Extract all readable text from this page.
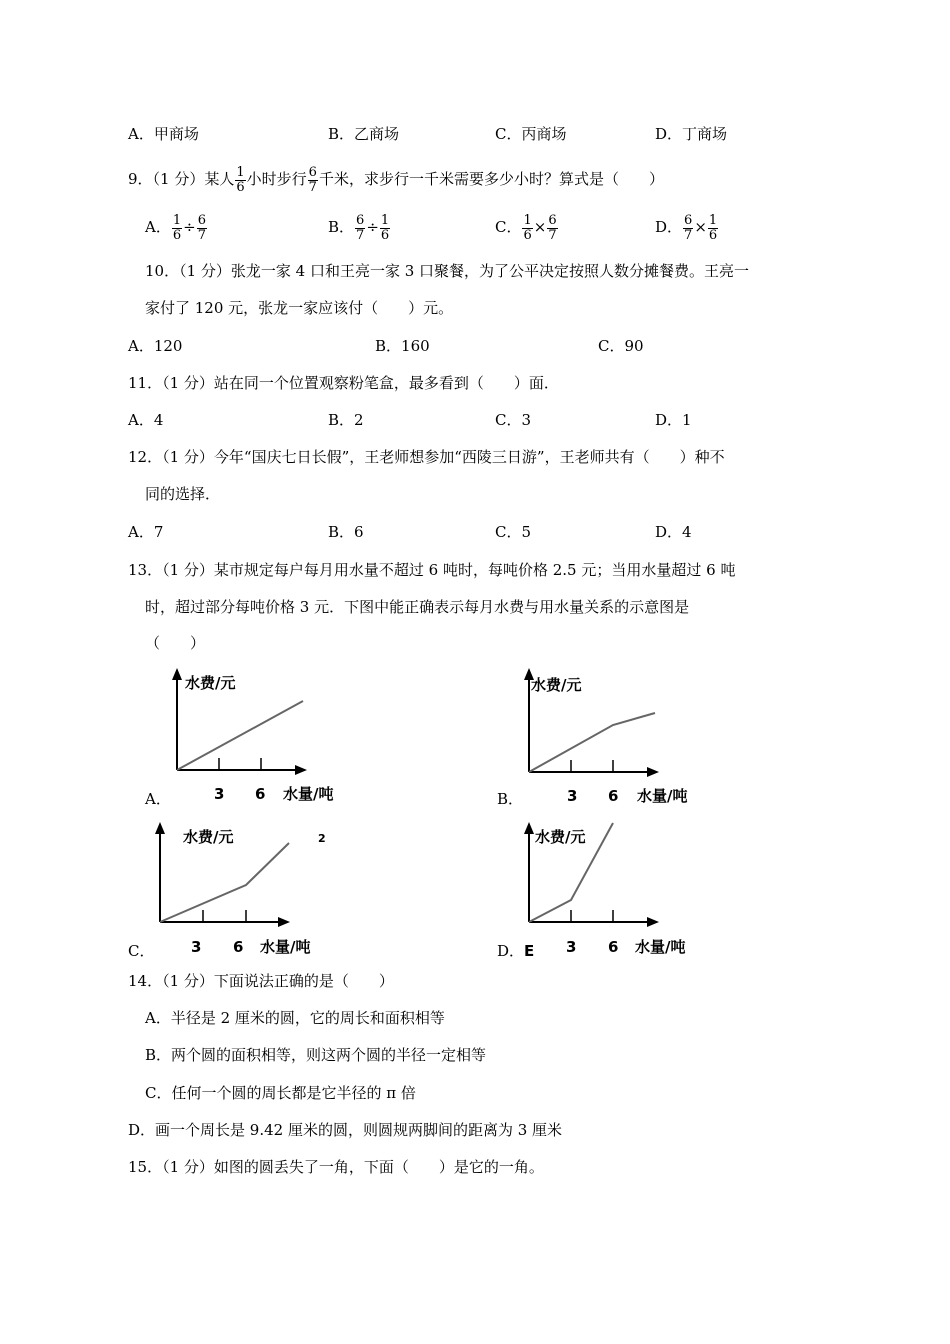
A．甲商场	B．乙商场	C．丙商场	D．丁商场
9．（1 分）某人 $\frac{1}{6}$ 小时步行 $\frac{6}{7}$ 千米，求步行一千米需要多少小时？算式是（　　）
A． $\frac{1}{6} \div \frac{6}{7}$	B． $\frac{6}{7} \div \frac{1}{6}$	C． $\frac{1}{6} \times \frac{6}{7}$	D． $\frac{6}{7} \times \frac{1}{6}$
10．（1 分）张龙一家 4 口和王亮一家 3 口聚餐，为了公平决定按照人数分摊餐费。王亮一
家付了 120 元，张龙一家应该付（　　）元。
A．120	B．160	C．90
11．（1 分）站在同一个位置观察粉笔盒，最多看到（　　）面．
A．4	B．2	C．3	D．1
12．（1 分）今年“国庆七日长假”，王老师想参加“西陵三日游”，王老师共有（　　）种不
同的选择．
A．7	B．6	C．5	D．4
13．（1 分）某市规定每户每月用水量不超过 6 吨时，每吨价格 2.5 元；当用水量超过 6 吨
时，超过部分每吨价格 3 元．下图中能正确表示每月水费与用水量关系的示意图是
（　　）
水费/元
3 6 水量/吨
A．
水费/元
3 6 水量/吨
B．
水费/元	2
3 6 水量/吨
C．
水费/元
3 6 水量/吨
D．E
14．（1 分）下面说法正确的是（　　）
A．半径是 2 厘米的圆，它的周长和面积相等
B．两个圆的面积相等，则这两个圆的半径一定相等
C．任何一个圆的周长都是它半径的 π 倍
D．画一个周长是 9.42 厘米的圆，则圆规两脚间的距离为 3 厘米
15．（1 分）如图的圆丢失了一角，下面（　　）是它的一角。
